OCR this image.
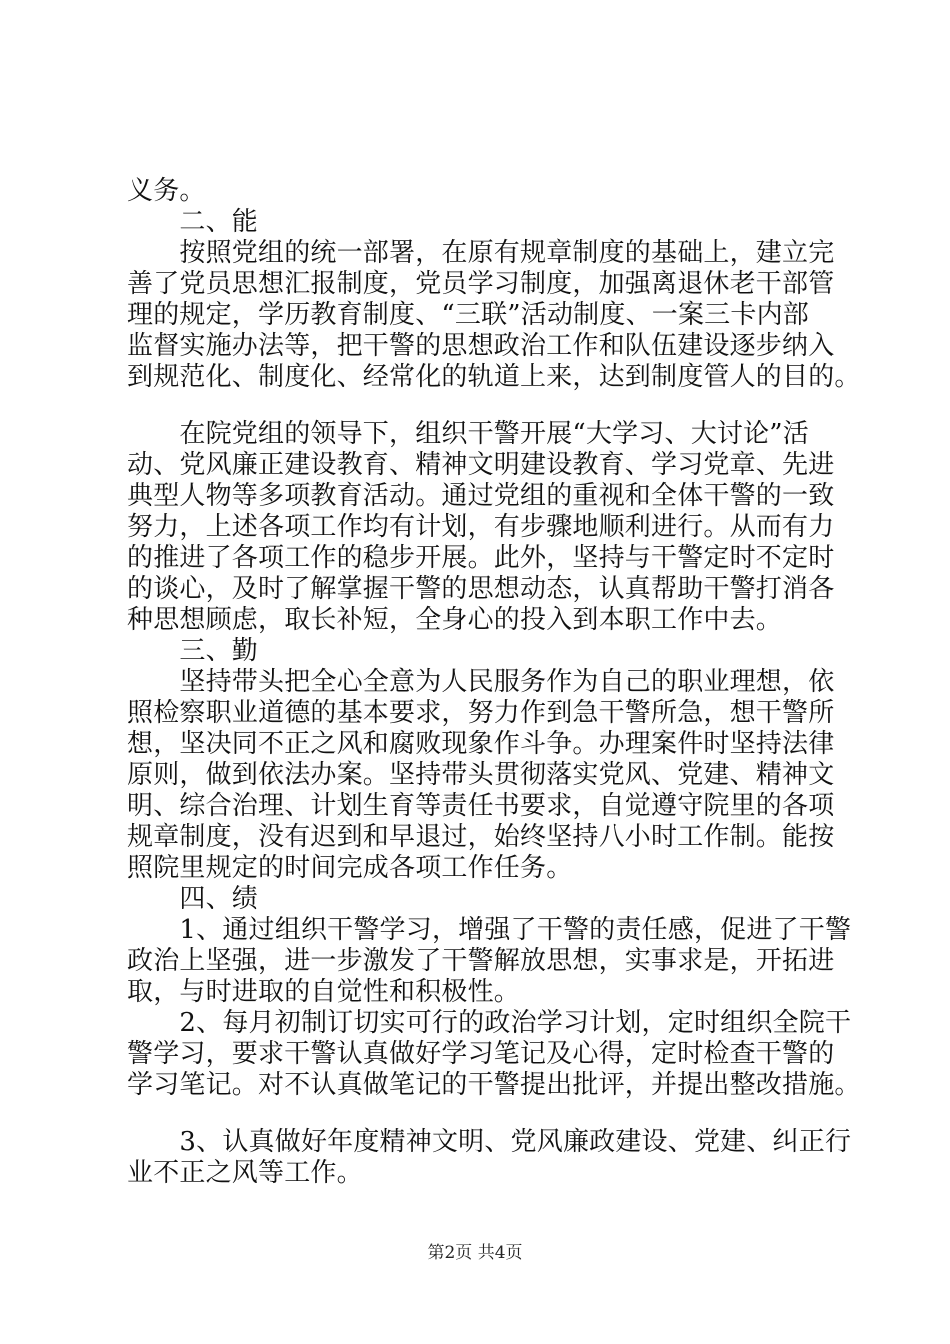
义务。
　　二、能
　　按照党组的统一部署，在原有规章制度的基础上，建立完
善了党员思想汇报制度，党员学习制度，加强离退休老干部管
理的规定，学历教育制度、“三联”活动制度、一案三卡内部
监督实施办法等，把干警的思想政治工作和队伍建设逐步纳入
到规范化、制度化、经常化的轨道上来，达到制度管人的目的。
　　在院党组的领导下，组织干警开展“大学习、大讨论”活
动、党风廉正建设教育、精神文明建设教育、学习党章、先进
典型人物等多项教育活动。通过党组的重视和全体干警的一致
努力，上述各项工作均有计划，有步骤地顺利进行。从而有力
的推进了各项工作的稳步开展。此外，坚持与干警定时不定时
的谈心，及时了解掌握干警的思想动态，认真帮助干警打消各
种思想顾虑，取长补短，全身心的投入到本职工作中去。
　　三、勤
　　坚持带头把全心全意为人民服务作为自己的职业理想，依
照检察职业道德的基本要求，努力作到急干警所急，想干警所
想，坚决同不正之风和腐败现象作斗争。办理案件时坚持法律
原则，做到依法办案。坚持带头贯彻落实党风、党建、精神文
明、综合治理、计划生育等责任书要求，自觉遵守院里的各项
规章制度，没有迟到和早退过，始终坚持八小时工作制。能按
照院里规定的时间完成各项工作任务。
　　四、绩
　　1、通过组织干警学习，增强了干警的责任感，促进了干警
政治上坚强，进一步激发了干警解放思想，实事求是，开拓进
取，与时进取的自觉性和积极性。
　　2、每月初制订切实可行的政治学习计划，定时组织全院干
警学习，要求干警认真做好学习笔记及心得，定时检查干警的
学习笔记。对不认真做笔记的干警提出批评，并提出整改措施。
　　3、认真做好年度精神文明、党风廉政建设、党建、纠正行
业不正之风等工作。
第2页 共4页
